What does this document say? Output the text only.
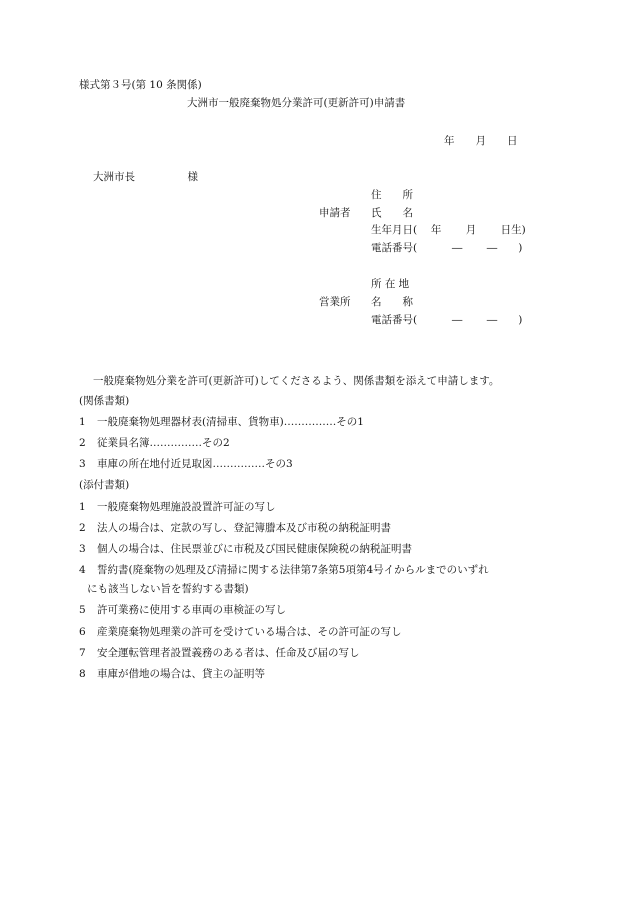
様式第３号(第 10 条関係)
大洲市一般廃棄物処分業許可(更新許可)申請書
年　　月　　日
大洲市長　　　　　様
申請者
住　　所
氏　　名
生年月日(　 年　　 月　　 日生)
電話番号(　　　 ―　　 ―　　)
営業所
所 在 地
名　　称
電話番号(　　　 ―　　 ―　　)
一般廃棄物処分業を許可(更新許可)してくださるよう、関係書類を添えて申請します。
(関係書類)
1 一般廃棄物処理器材表(清掃車、貨物車)……………その1
2 従業員名簿……………その2
3 車庫の所在地付近見取図……………その3
(添付書類)
1 一般廃棄物処理施設設置許可証の写し
2 法人の場合は、定款の写し、登記簿謄本及び市税の納税証明書
3 個人の場合は、住民票並びに市税及び国民健康保険税の納税証明書
4 誓約書(廃棄物の処理及び清掃に関する法律第7条第5項第4号イからルまでのいずれ
にも該当しない旨を誓約する書類)
5 許可業務に使用する車両の車検証の写し
6 産業廃棄物処理業の許可を受けている場合は、その許可証の写し
7 安全運転管理者設置義務のある者は、任命及び届の写し
8 車庫が借地の場合は、貸主の証明等
